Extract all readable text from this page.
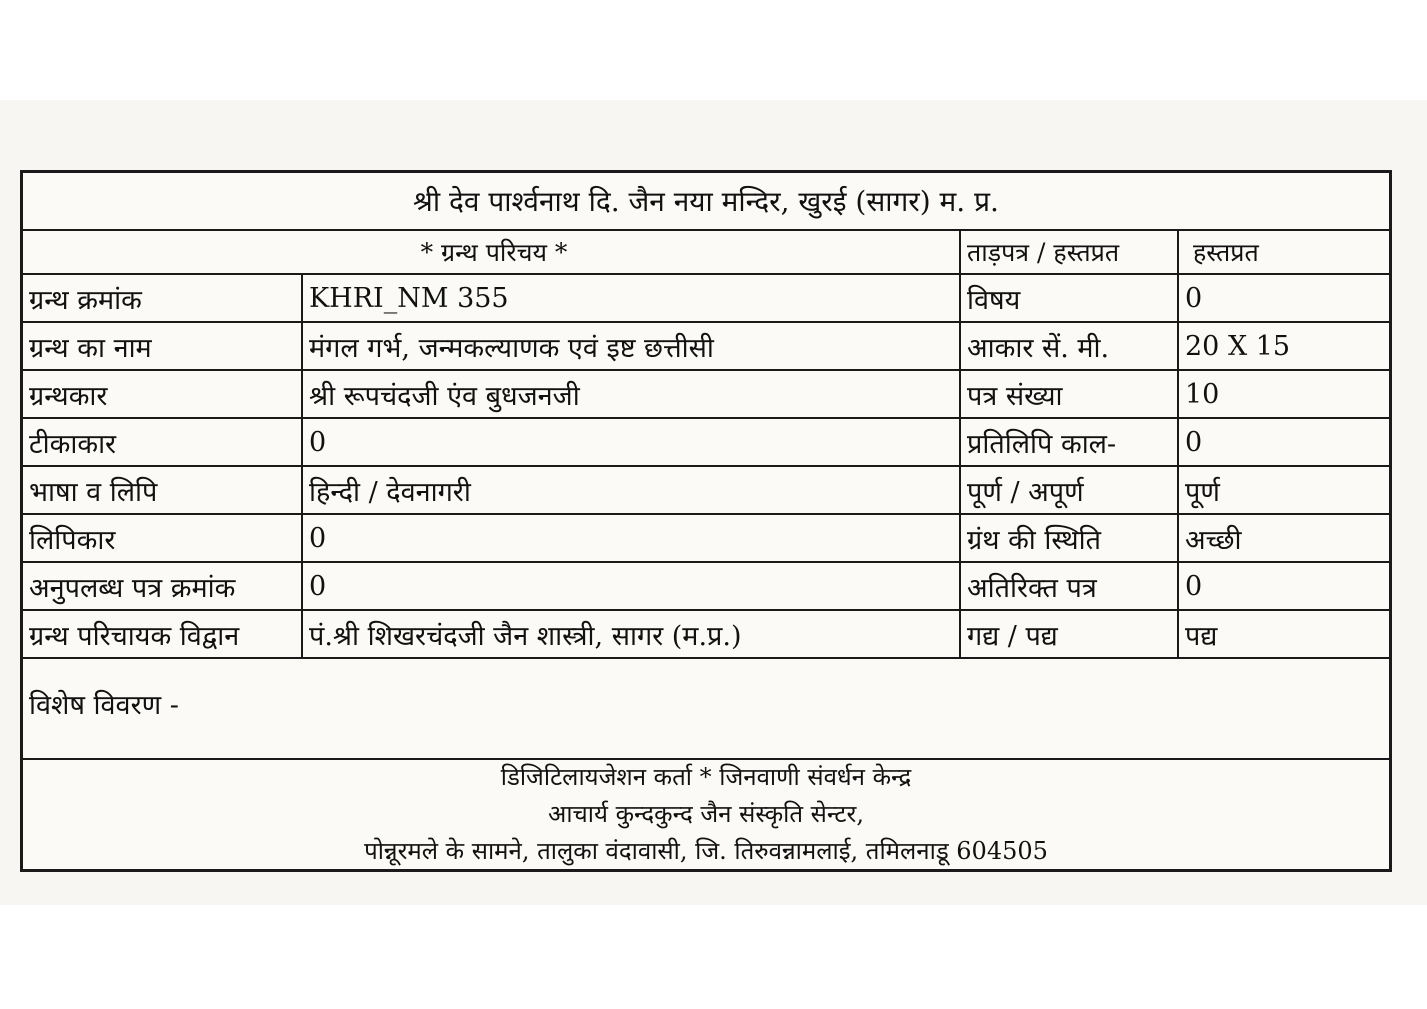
श्री देव पार्श्वनाथ दि. जैन नया मन्दिर, खुरई (सागर) म. प्र.
* ग्रन्थ परिचय *	ताड़पत्र / हस्तप्रत	हस्तप्रत
ग्रन्थ क्रमांक	KHRI_NM 355	विषय	0
ग्रन्थ का नाम	मंगल गर्भ, जन्मकल्याणक एवं इष्ट छत्तीसी	आकार सें. मी.	20 X 15
ग्रन्थकार	श्री रूपचंदजी एंव बुधजनजी	पत्र संख्या	10
टीकाकार	0	प्रतिलिपि काल-	0
भाषा व लिपि	हिन्दी / देवनागरी	पूर्ण / अपूर्ण	पूर्ण
लिपिकार	0	ग्रंथ की स्थिति	अच्छी
अनुपलब्ध पत्र क्रमांक	0	अतिरिक्त पत्र	0
ग्रन्थ परिचायक विद्वान	पं.श्री शिखरचंदजी जैन शास्त्री, सागर (म.प्र.)	गद्य / पद्य	पद्य
विशेष विवरण -
डिजिटिलायजेशन कर्ता * जिनवाणी संवर्धन केन्द्र
आचार्य कुन्दकुन्द जैन संस्कृति सेन्टर,
पोन्नूरमले के सामने, तालुका वंदावासी, जि. तिरुवन्नामलाई, तमिलनाडू 604505
